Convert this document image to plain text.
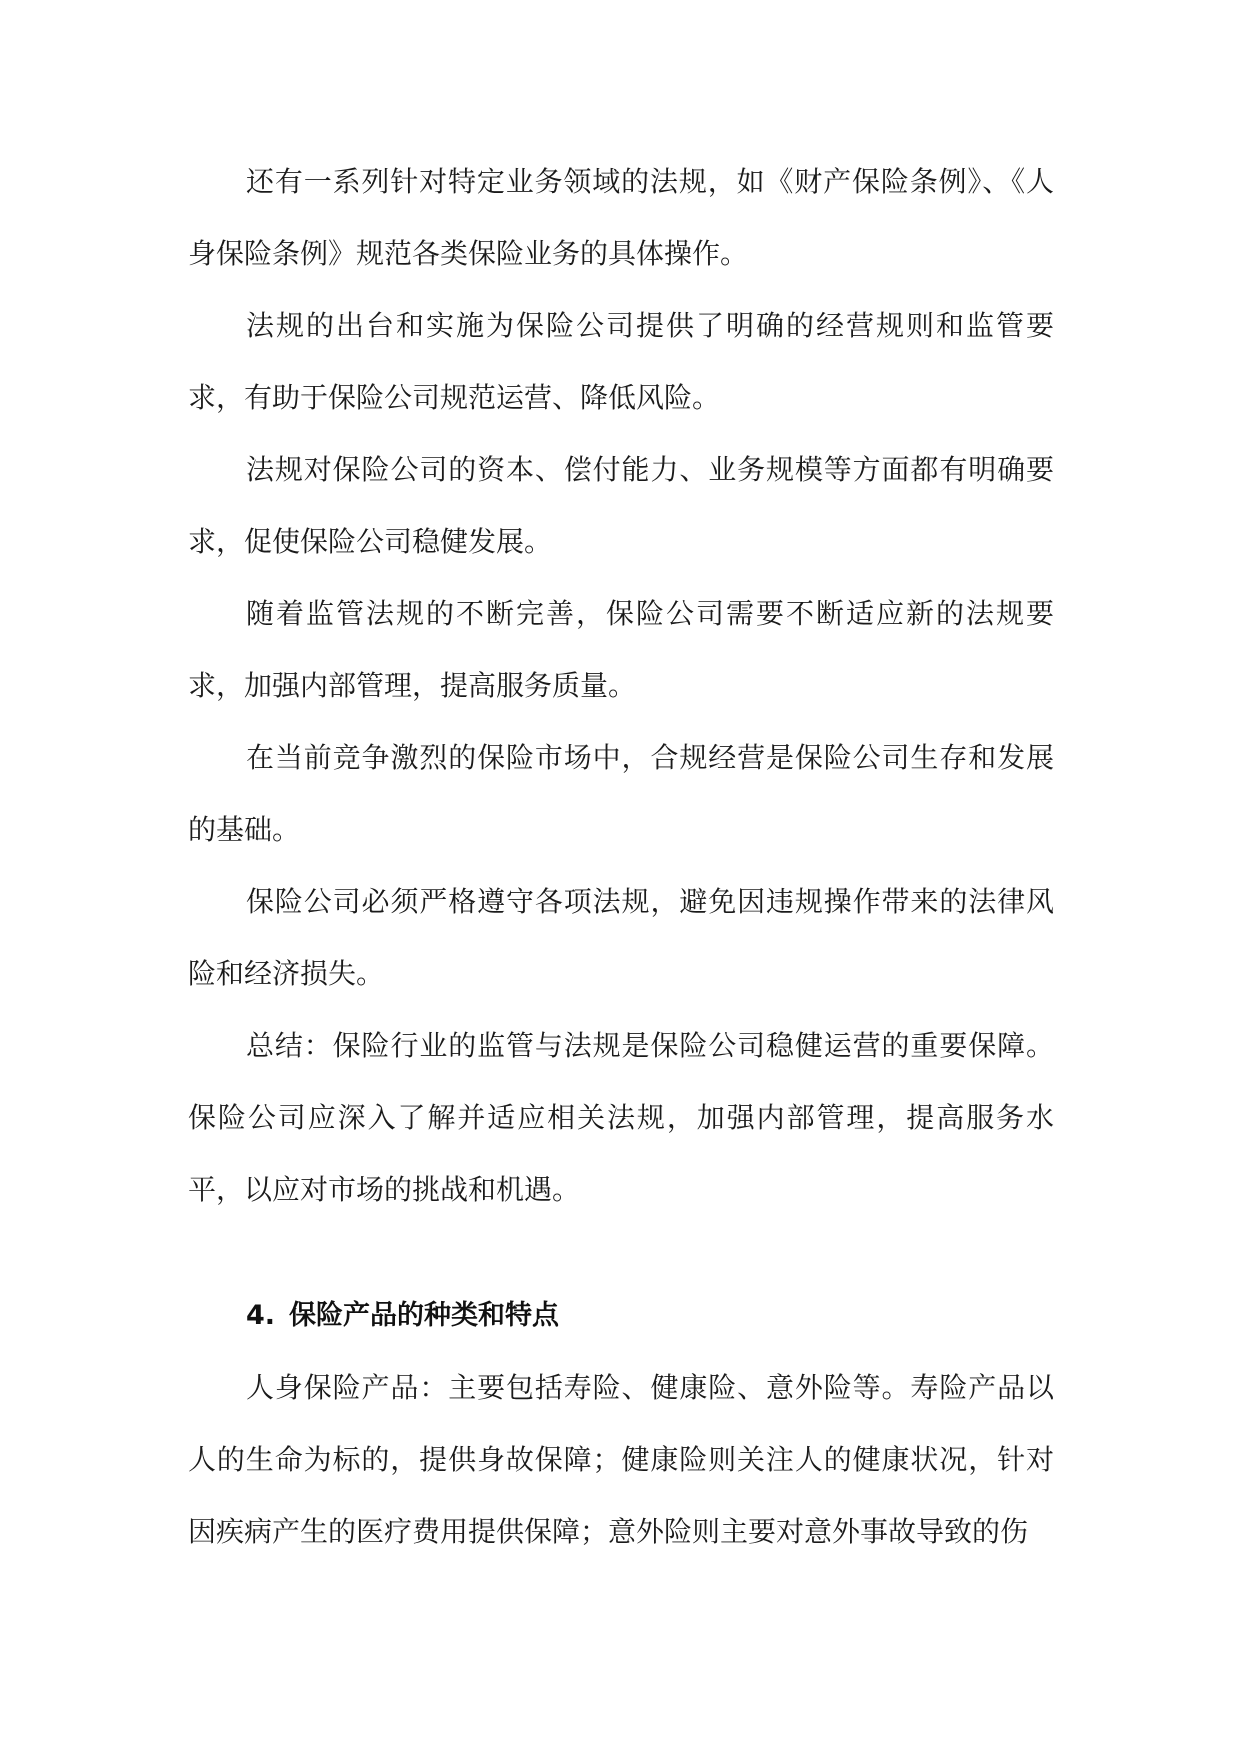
还有一系列针对特定业务领域的法规，如《财产保险条例》、《人身保险条例》规范各类保险业务的具体操作。

法规的出台和实施为保险公司提供了明确的经营规则和监管要求，有助于保险公司规范运营、降低风险。

法规对保险公司的资本、偿付能力、业务规模等方面都有明确要求，促使保险公司稳健发展。

随着监管法规的不断完善，保险公司需要不断适应新的法规要求，加强内部管理，提高服务质量。

在当前竞争激烈的保险市场中，合规经营是保险公司生存和发展的基础。

保险公司必须严格遵守各项法规，避免因违规操作带来的法律风险和经济损失。

总结：保险行业的监管与法规是保险公司稳健运营的重要保障。保险公司应深入了解并适应相关法规，加强内部管理，提高服务水平，以应对市场的挑战和机遇。

4. 保险产品的种类和特点

人身保险产品：主要包括寿险、健康险、意外险等。寿险产品以人的生命为标的，提供身故保障；健康险则关注人的健康状况，针对因疾病产生的医疗费用提供保障；意外险则主要对意外事故导致的伤
